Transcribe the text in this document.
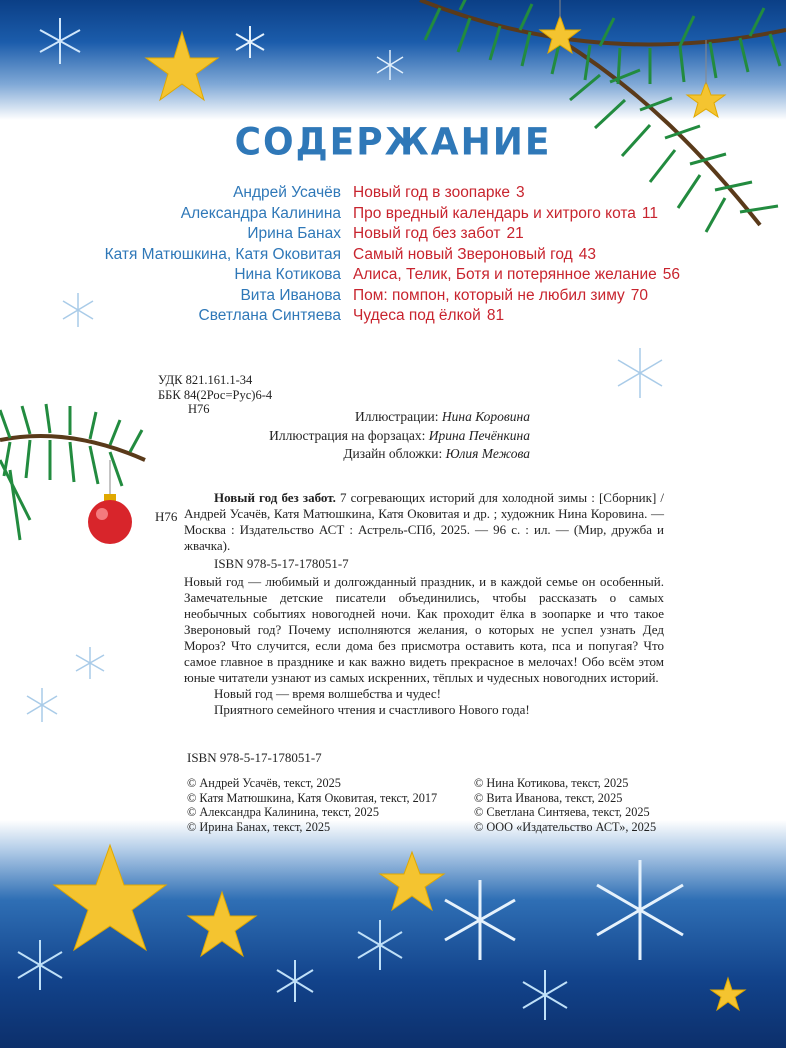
СОДЕРЖАНИЕ
Андрей Усачёв Новый год в зоопарке 3
Александра Калинина Про вредный календарь и хитрого кота 11
Ирина Банах Новый год без забот 21
Катя Матюшкина, Катя Оковитая Самый новый Звероновый год 43
Нина Котикова Алиса, Телик, Ботя и потерянное желание 56
Вита Иванова Пом: помпон, который не любил зиму 70
Светлана Синтяева Чудеса под ёлкой 81
УДК 821.161.1-34
ББК 84(2Рос=Рус)6-4
Н76	Иллюстрации: Нина Коровина
Иллюстрация на форзацах: Ирина Печёнкина
Дизайн обложки: Юлия Межова
Н76
Новый год без забот. 7 согревающих историй для холодной зимы : [Сборник] / Андрей Усачёв, Катя Матюшкина, Катя Оковитая и др. ; художник Нина Коровина. — Москва : Издательство АСТ : Астрель-СПб, 2025. — 96 с. : ил. — (Мир, дружба и жвачка).
ISBN 978-5-17-178051-7

Новый год — любимый и долгожданный праздник, и в каждой семье он особенный. Замечательные детские писатели объединились, чтобы рассказать о самых необычных событиях новогодней ночи. Как проходит ёлка в зоопарке и что такое Звероновый год? Почему исполняются желания, о которых не успел узнать Дед Мороз? Что случится, если дома без присмотра оставить кота, пса и попугая? Что самое главное в празднике и как важно видеть прекрасное в мелочах! Обо всём этом юные читатели узнают из самых искренних, тёплых и чудесных новогодних историй.

Новый год — время волшебства и чудес!

Приятного семейного чтения и счастливого Нового года!

ISBN 978-5-17-178051-7
© Андрей Усачёв, текст, 2025
© Катя Матюшкина, Катя Оковитая, текст, 2017
© Александра Калинина, текст, 2025
© Ирина Банах, текст, 2025
© Нина Котикова, текст, 2025
© Вита Иванова, текст, 2025
© Светлана Синтяева, текст, 2025
© ООО «Издательство АСТ», 2025
